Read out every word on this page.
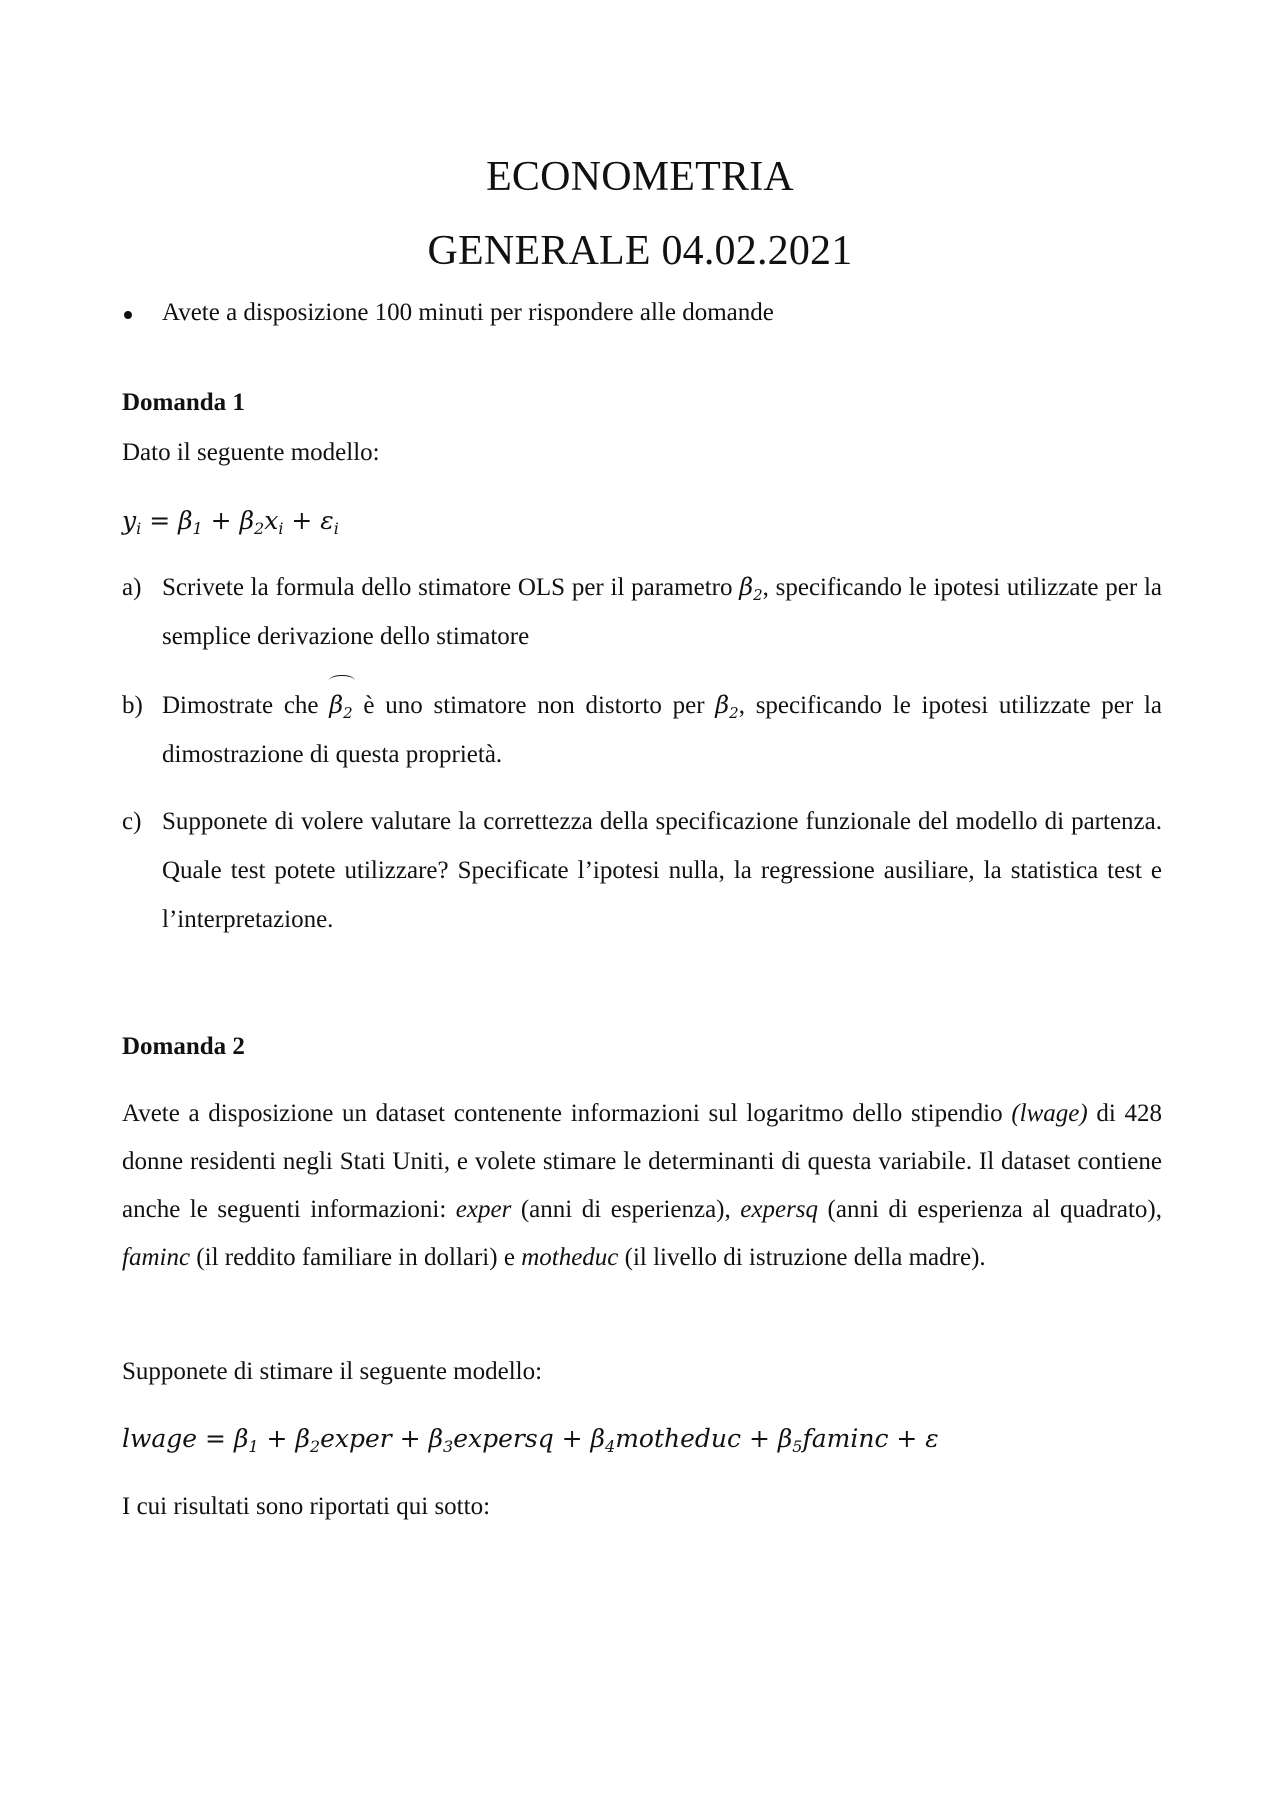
ECONOMETRIA
GENERALE 04.02.2021
Avete a disposizione 100 minuti per rispondere alle domande
Domanda 1
Dato il seguente modello:
$y_i = \beta_1 + \beta_2x_i + \varepsilon_i$
a) Scrivete la formula dello stimatore OLS per il parametro $\beta_2$, specificando le ipotesi utilizzate per la semplice derivazione dello stimatore
b) Dimostrate che $\beta_2$ è uno stimatore non distorto per $\beta_2$, specificando le ipotesi utilizzate per la dimostrazione di questa proprietà.
c) Supponete di volere valutare la correttezza della specificazione funzionale del modello di partenza. Quale test potete utilizzare? Specificate l’ipotesi nulla, la regressione ausiliare, la statistica test e l’interpretazione.
Domanda 2
Avete a disposizione un dataset contenente informazioni sul logaritmo dello stipendio (lwage) di 428 donne residenti negli Stati Uniti, e volete stimare le determinanti di questa variabile. Il dataset contiene anche le seguenti informazioni: exper (anni di esperienza), expersq (anni di esperienza al quadrato), faminc (il reddito familiare in dollari) e motheduc (il livello di istruzione della madre).
Supponete di stimare il seguente modello:
lwage = $\beta_1$ + $\beta_2exper$ + $\beta_3expersq$ + $\beta_4motheduc + \beta_5faminc + \varepsilon$
I cui risultati sono riportati qui sotto:
